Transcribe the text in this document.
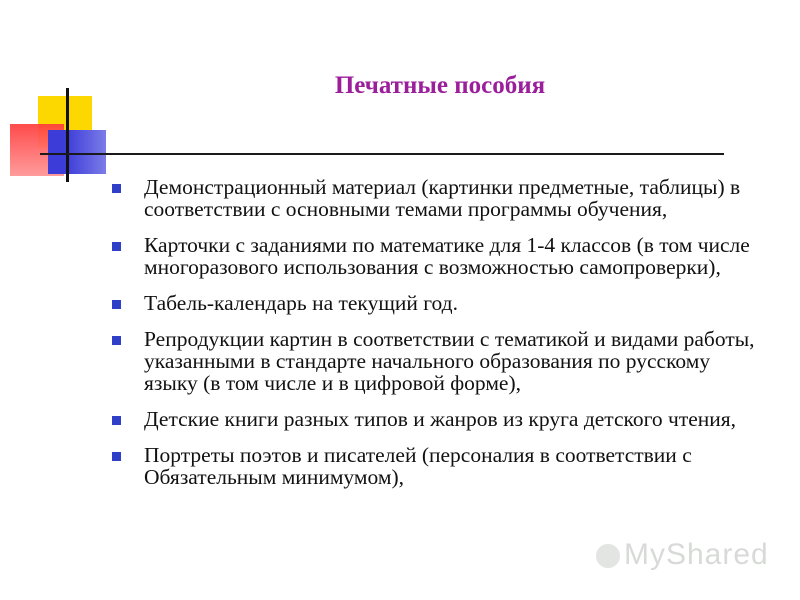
Печатные пособия
Демонстрационный материал (картинки предметные, таблицы) в соответствии с основными темами программы обучения,
Карточки с заданиями по математике для 1-4 классов (в том числе многоразового использования с возможностью самопроверки),
Табель-календарь на текущий год.
Репродукции картин в соответствии с тематикой и видами работы, указанными в стандарте начального образования по русскому языку (в том числе и в цифровой форме),
Детские книги разных типов и жанров из круга детского чтения,
Портреты поэтов и писателей (персоналия в соответствии с Обязательным минимумом),
MyShared
